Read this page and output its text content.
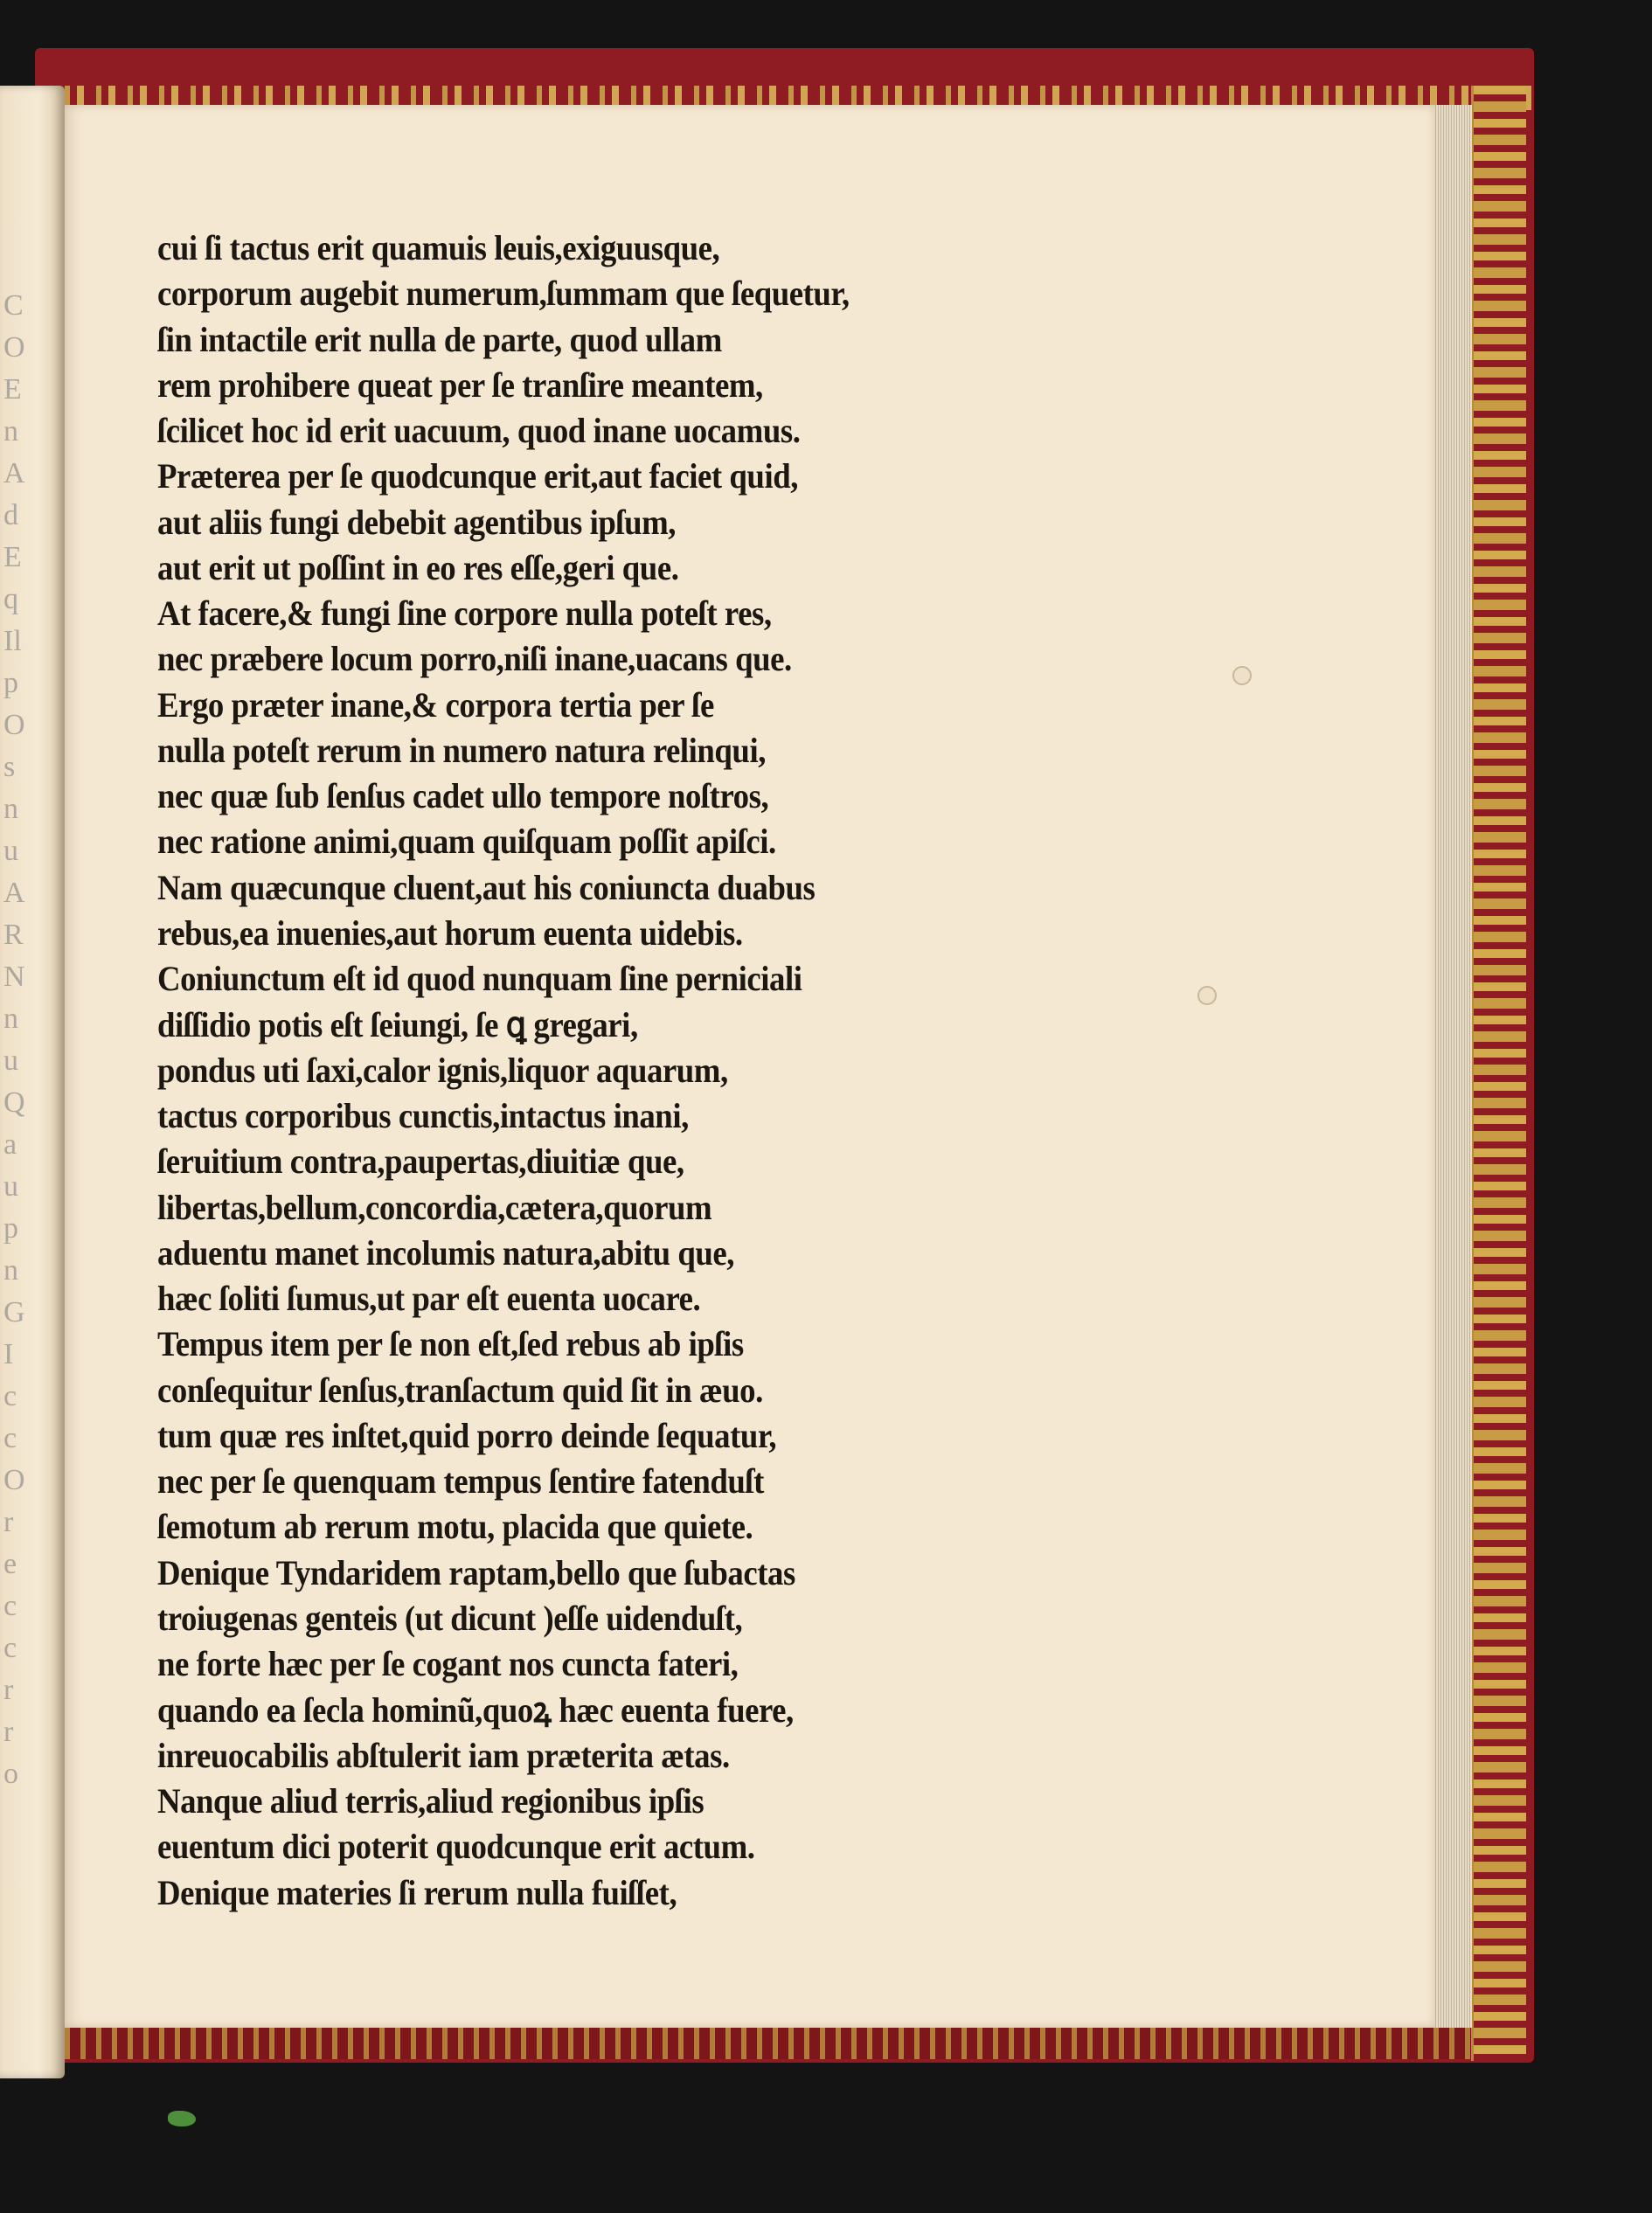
C
O
E
n
A
d
E
q
Il
p
O
s
n
u
A
R
N
n
u
Q
a
u
p
n
G
I
c
c
O
r
e
c
c
r
r
o
cui ſi tactus erit quamuis leuis,exiguusque,
corporum augebit numerum,ſummam que ſequetur,
ſin intactile erit nulla de parte, quod ullam
rem prohibere queat per ſe tranſire meantem,
ſcilicet hoc id erit uacuum, quod inane uocamus.
Præterea per ſe quodcunque erit,aut faciet quid,
aut aliis fungi debebit agentibus ipſum,
aut erit ut poſſint in eo res eſſe,geri que.
At facere,& fungi ſine corpore nulla poteſt res,
nec præbere locum porro,niſi inane,uacans que.
Ergo præter inane,& corpora tertia per ſe
nulla poteſt rerum in numero natura relinqui,
nec quæ ſub ſenſus cadet ullo tempore noſtros,
nec ratione animi,quam quiſquam poſſit apiſci.
Nam quæcunque cluent,aut his coniuncta duabus
rebus,ea inuenies,aut horum euenta uidebis.
Coniunctum eſt id quod nunquam ſine perniciali
diſſidio potis eſt ſeiungi, ſe ꝗ gregari,
pondus uti ſaxi,calor ignis,liquor aquarum,
tactus corporibus cunctis,intactus inani,
ſeruitium contra,paupertas,diuitiæ que,
libertas,bellum,concordia,cætera,quorum
aduentu manet incolumis natura,abitu que,
hæc ſoliti ſumus,ut par eſt euenta uocare.
Tempus item per ſe non eſt,ſed rebus ab ipſis
conſequitur ſenſus,tranſactum quid ſit in æuo.
tum quæ res inſtet,quid porro deinde ſequatur,
nec per ſe quenquam tempus ſentire fatenduſt
ſemotum ab rerum motu, placida que quiete.
Denique Tyndaridem raptam,bello que ſubactas
troiugenas genteis (ut dicunt )eſſe uidenduſt,
ne forte hæc per ſe cogant nos cuncta fateri,
quando ea ſecla hominũ,quoꝝ hæc euenta fuere,
inreuocabilis abſtulerit iam præterita ætas.
Nanque aliud terris,aliud regionibus ipſis
euentum dici poterit quodcunque erit actum.
Denique materies ſi rerum nulla fuiſſet,
